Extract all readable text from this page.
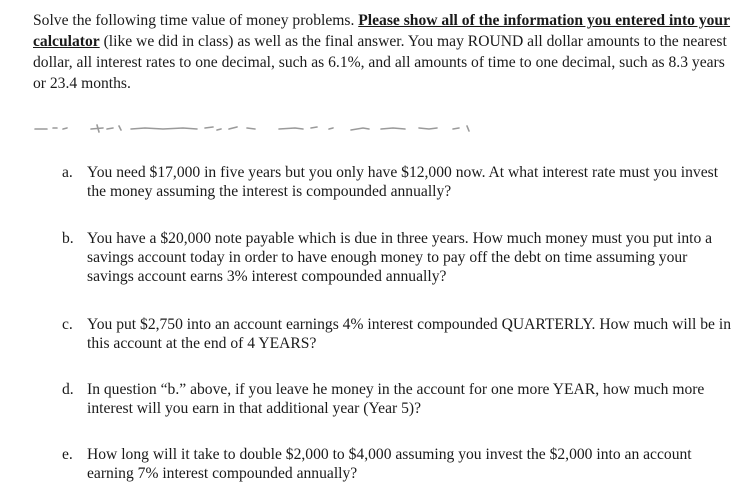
Solve the following time value of money problems. Please show all of the information you entered into your calculator (like we did in class) as well as the final answer. You may ROUND all dollar amounts to the nearest dollar, all interest rates to one decimal, such as 6.1%, and all amounts of time to one decimal, such as 8.3 years or 23.4 months.
a. You need $17,000 in five years but you only have $12,000 now. At what interest rate must you invest the money assuming the interest is compounded annually?
b. You have a $20,000 note payable which is due in three years. How much money must you put into a savings account today in order to have enough money to pay off the debt on time assuming your savings account earns 3% interest compounded annually?
c. You put $2,750 into an account earnings 4% interest compounded QUARTERLY. How much will be in this account at the end of 4 YEARS?
d. In question “b.” above, if you leave he money in the account for one more YEAR, how much more interest will you earn in that additional year (Year 5)?
e. How long will it take to double $2,000 to $4,000 assuming you invest the $2,000 into an account earning 7% interest compounded annually?
